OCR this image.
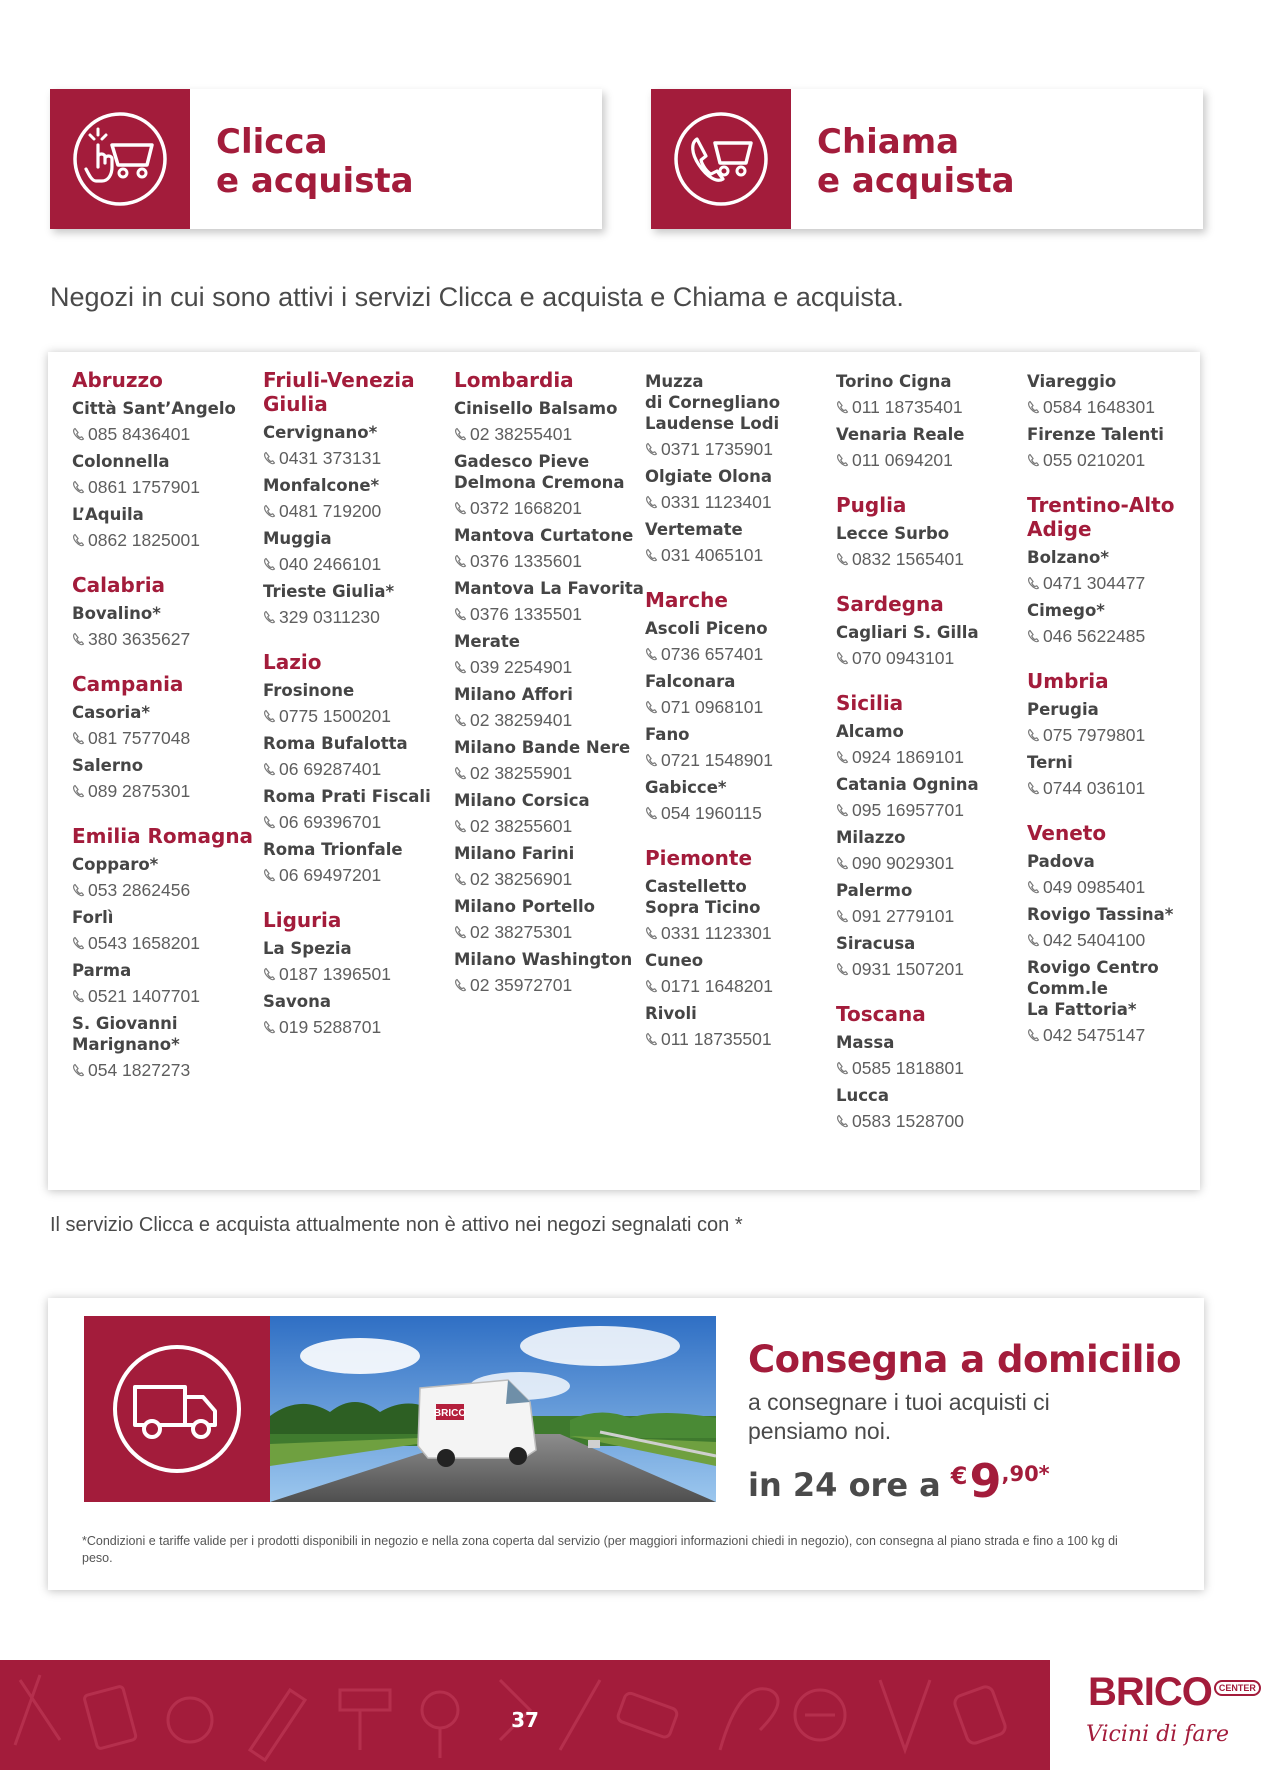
Clicca
e acquista
Chiama
e acquista
Negozi in cui sono attivi i servizi Clicca e acquista e Chiama e acquista.
Abruzzo
Città Sant’Angelo
085 8436401
Colonnella
0861 1757901
L’Aquila
0862 1825001
Calabria
Bovalino*
380 3635627
Campania
Casoria*
081 7577048
Salerno
089 2875301
Emilia Romagna
Copparo*
053 2862456
Forlì
0543 1658201
Parma
0521 1407701
S. Giovanni
Marignano*
054 1827273
Friuli-Venezia
Giulia
Cervignano*
0431 373131
Monfalcone*
0481 719200
Muggia
040 2466101
Trieste Giulia*
329 0311230
Lazio
Frosinone
0775 1500201
Roma Bufalotta
06 69287401
Roma Prati Fiscali
06 69396701
Roma Trionfale
06 69497201
Liguria
La Spezia
0187 1396501
Savona
019 5288701
Lombardia
Cinisello Balsamo
02 38255401
Gadesco Pieve
Delmona Cremona
0372 1668201
Mantova Curtatone
0376 1335601
Mantova La Favorita
0376 1335501
Merate
039 2254901
Milano Affori
02 38259401
Milano Bande Nere
02 38255901
Milano Corsica
02 38255601
Milano Farini
02 38256901
Milano Portello
02 38275301
Milano Washington
02 35972701
Muzza
di Cornegliano
Laudense Lodi
0371 1735901
Olgiate Olona
0331 1123401
Vertemate
031 4065101
Marche
Ascoli Piceno
0736 657401
Falconara
071 0968101
Fano
0721 1548901
Gabicce*
054 1960115
Piemonte
Castelletto
Sopra Ticino
0331 1123301
Cuneo
0171 1648201
Rivoli
011 18735501
Torino Cigna
011 18735401
Venaria Reale
011 0694201
Puglia
Lecce Surbo
0832 1565401
Sardegna
Cagliari S. Gilla
070 0943101
Sicilia
Alcamo
0924 1869101
Catania Ognina
095 16957701
Milazzo
090 9029301
Palermo
091 2779101
Siracusa
0931 1507201
Toscana
Massa
0585 1818801
Lucca
0583 1528700
Viareggio
0584 1648301
Firenze Talenti
055 0210201
Trentino-Alto
Adige
Bolzano*
0471 304477
Cimego*
046 5622485
Umbria
Perugia
075 7979801
Terni
0744 036101
Veneto
Padova
049 0985401
Rovigo Tassina*
042 5404100
Rovigo Centro
Comm.le
La Fattoria*
042 5475147
Il servizio Clicca e acquista attualmente non è attivo nei negozi segnalati con *
BRICO
Consegna a domicilio
a consegnare i tuoi acquisti ci pensiamo noi.
in 24 ore a € 9 ,90*
*Condizioni e tariffe valide per i prodotti disponibili in negozio e nella zona coperta dal servizio (per maggiori informazioni chiedi in negozio), con consegna al piano strada e fino a 100 kg di peso.
37
BRICO $^{CENTER}$
Vicini di fare
